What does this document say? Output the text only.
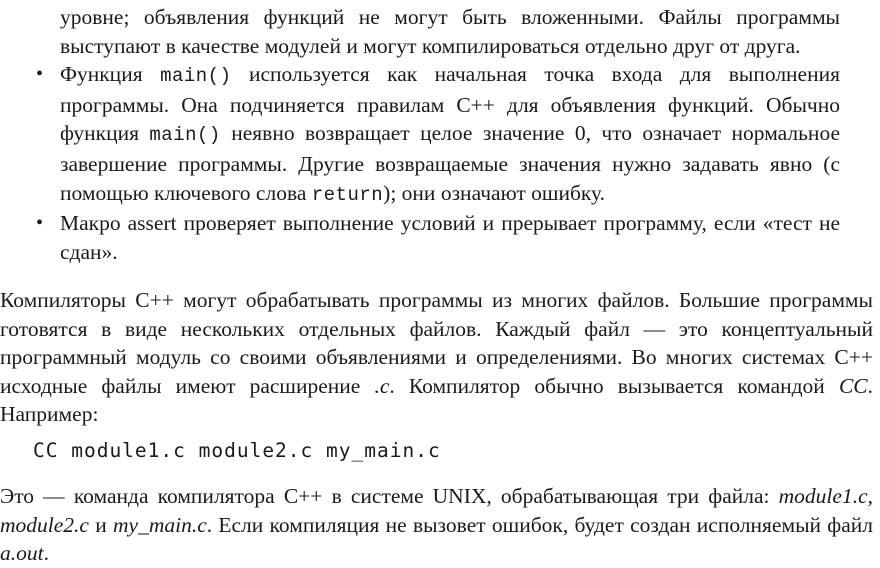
уровне; объявления функций не могут быть вложенными. Файлы программы выступают в качестве модулей и могут компилироваться отдельно друг от друга.
• Функция main() используется как начальная точка входа для выполнения программы. Она подчиняется правилам C++ для объявления функций. Обычно функция main() неявно возвращает целое значение 0, что означает нормальное завершение программы. Другие возвращаемые значения нужно задавать явно (с помощью ключевого слова return); они означают ошибку.
• Макро assert проверяет выполнение условий и прерывает программу, если «тест не сдан».

Компиляторы C++ могут обрабатывать программы из многих файлов. Большие программы готовятся в виде нескольких отдельных файлов. Каждый файл — это концептуальный программный модуль со своими объявлениями и определениями. Во многих системах C++ исходные файлы имеют расширение .c. Компилятор обычно вызывается командой CC. Например:

CC module1.c module2.c my_main.c

Это — команда компилятора C++ в системе UNIX, обрабатывающая три файла: module1.c, module2.c и my_main.c. Если компиляция не вызовет ошибок, будет создан исполняемый файл a.out.
